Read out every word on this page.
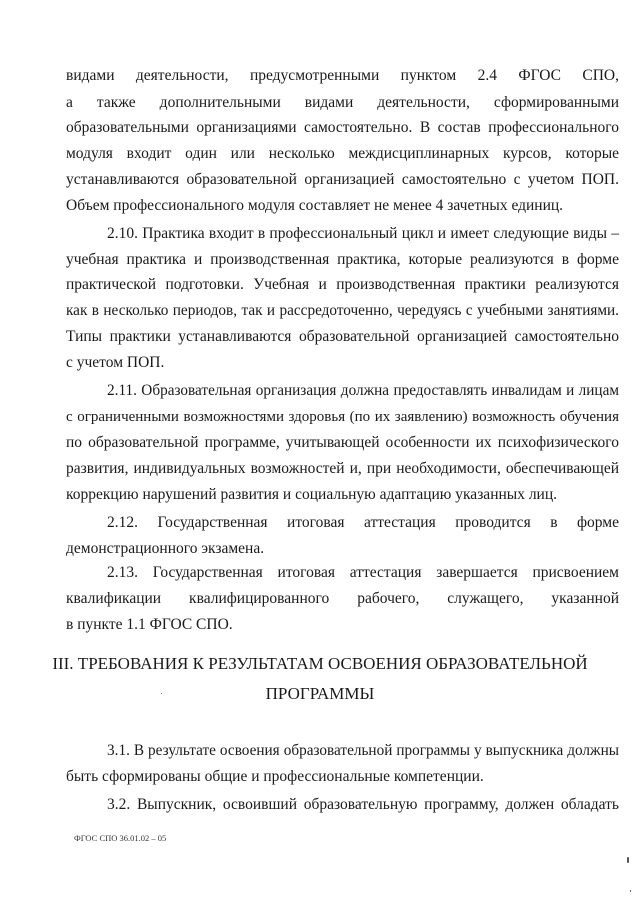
видами деятельности, предусмотренными пунктом 2.4 ФГОС СПО,
а также дополнительными видами деятельности, сформированными
образовательными организациями самостоятельно. В состав профессионального
модуля входит один или несколько междисциплинарных курсов, которые
устанавливаются образовательной организацией самостоятельно с учетом ПОП.
Объем профессионального модуля составляет не менее 4 зачетных единиц.
2.10. Практика входит в профессиональный цикл и имеет следующие виды –
учебная практика и производственная практика, которые реализуются в форме
практической подготовки. Учебная и производственная практики реализуются
как в несколько периодов, так и рассредоточенно, чередуясь с учебными занятиями.
Типы практики устанавливаются образовательной организацией самостоятельно
с учетом ПОП.
2.11. Образовательная организация должна предоставлять инвалидам и лицам
с ограниченными возможностями здоровья (по их заявлению) возможность обучения
по образовательной программе, учитывающей особенности их психофизического
развития, индивидуальных возможностей и, при необходимости, обеспечивающей
коррекцию нарушений развития и социальную адаптацию указанных лиц.
2.12. Государственная итоговая аттестация проводится в форме
демонстрационного экзамена.
2.13. Государственная итоговая аттестация завершается присвоением
квалификации квалифицированного рабочего, служащего, указанной
в пункте 1.1 ФГОС СПО.
3.1. В результате освоения образовательной программы у выпускника должны
быть сформированы общие и профессиональные компетенции.
3.2. Выпускник, освоивший образовательную программу, должен обладать
III. ТРЕБОВАНИЯ К РЕЗУЛЬТАТАМ ОСВОЕНИЯ ОБРАЗОВАТЕЛЬНОЙ
ПРОГРАММЫ
ФГОС СПО 36.01.02 – 05
